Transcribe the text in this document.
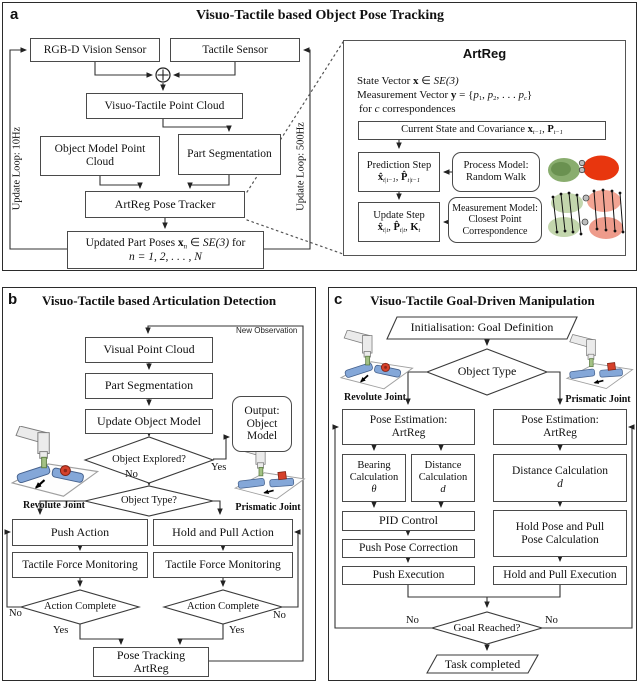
a	Visuo-Tactile based Object Pose Tracking
RGB-D Vision Sensor	Tactile Sensor
Visuo-Tactile Point Cloud
Object Model Point Cloud
Part Segmentation
ArtReg Pose Tracker
Updated Part Poses $x_n$ ∈ SE(3) for
n = 1, 2, . . . , N
Update Loop: 10Hz	Update Loop: 500Hz
ArtReg
State Vector x ∈ SE(3)
Measurement Vector $y = \{p_1$, $p_2$, . . . $p_c$}
for c correspondences
Current State and Covariance $x_{t-1}$, $P_{t-1}$
Prediction Step
$x̂_{t|t-1}$, $P̂_{t|t-1}$
Process Model:
Random Walk
Update Step
$x̂_{t|t}$, $P̂_{t|t}$, $K_t$
Measurement Model:
Closest Point
Correspondence
b	Visuo-Tactile based Articulation Detection
New Observation
Visual Point Cloud
Part Segmentation
Update Object Model
Object Explored?
Output:
Object
Model
Yes
No
Object Type?
Revolute Joint	Prismatic Joint
Push Action	Hold and Pull Action
Tactile Force Monitoring Tactile Force Monitoring
Action Complete	Action Complete
No	No
Yes	Yes
Pose Tracking
ArtReg
c	Visuo-Tactile Goal-Driven Manipulation
Initialisation: Goal Definition
Object Type
Revolute Joint	Prismatic Joint
Pose Estimation:
ArtReg
Pose Estimation:
ArtReg
Bearing
Calculation
θ
Distance
Calculation
d
Distance Calculation
d
PID Control	Hold Pose and Pull
Pose Calculation
Push Pose Correction
Push Execution	Hold and Pull Execution
Goal Reached?
No	No
Task completed
